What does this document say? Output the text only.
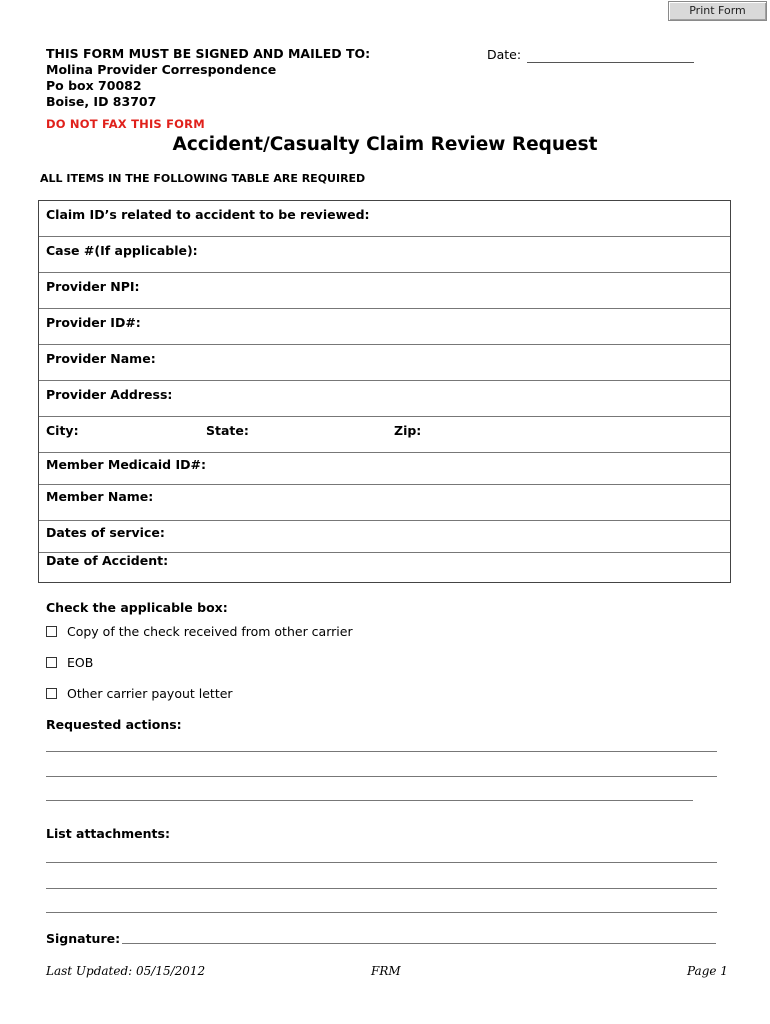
Print Form
THIS FORM MUST BE SIGNED AND MAILED TO:
Molina Provider Correspondence
Po box 70082
Boise, ID 83707
Date:
DO NOT FAX THIS FORM
Accident/Casualty Claim Review Request
ALL ITEMS IN THE FOLLOWING TABLE ARE REQUIRED
Claim ID’s related to accident to be reviewed:
Case #(If applicable):
Provider NPI:
Provider ID#:
Provider Name:
Provider Address:
City:	State:	Zip:
Member Medicaid ID#:
Member Name:
Dates of service:
Date of Accident:
Check the applicable box:
Copy of the check received from other carrier
EOB
Other carrier payout letter
Requested actions:
List attachments:
Signature:
Last Updated: 05/15/2012	FRM	Page 1
